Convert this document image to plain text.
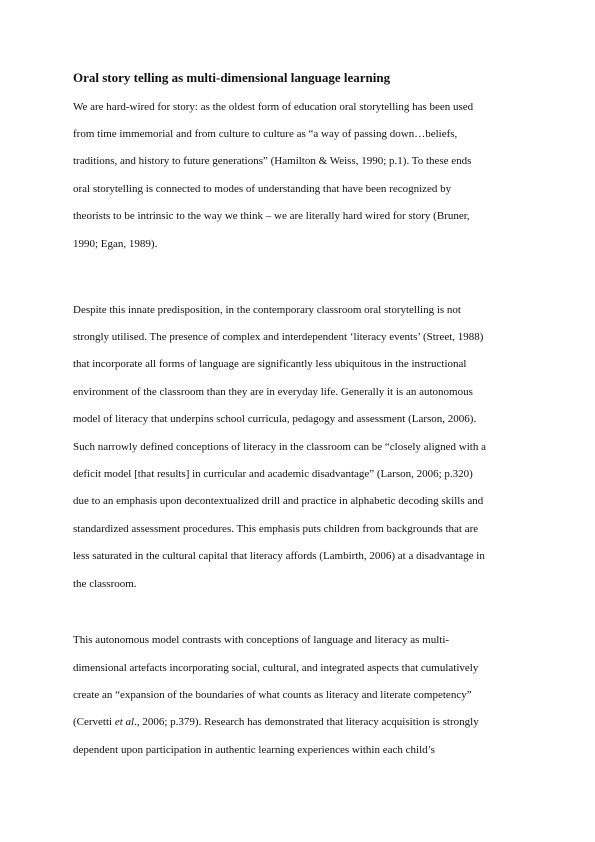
Oral story telling as multi-dimensional language learning
We are hard-wired for story: as the oldest form of education oral storytelling has been used
from time immemorial and from culture to culture as “a way of passing down…beliefs,
traditions, and history to future generations” (Hamilton & Weiss, 1990; p.1). To these ends
oral storytelling is connected to modes of understanding that have been recognized by
theorists to be intrinsic to the way we think – we are literally hard wired for story (Bruner,
1990; Egan, 1989).
Despite this innate predisposition, in the contemporary classroom oral storytelling is not
strongly utilised. The presence of complex and interdependent ‘literacy events’ (Street, 1988)
that incorporate all forms of language are significantly less ubiquitous in the instructional
environment of the classroom than they are in everyday life. Generally it is an autonomous
model of literacy that underpins school curricula, pedagogy and assessment (Larson, 2006).
Such narrowly defined conceptions of literacy in the classroom can be “closely aligned with a
deficit model [that results] in curricular and academic disadvantage” (Larson, 2006; p.320)
due to an emphasis upon decontextualized drill and practice in alphabetic decoding skills and
standardized assessment procedures. This emphasis puts children from backgrounds that are
less saturated in the cultural capital that literacy affords (Lambirth, 2006) at a disadvantage in
the classroom.
This autonomous model contrasts with conceptions of language and literacy as multi-
dimensional artefacts incorporating social, cultural, and integrated aspects that cumulatively
create an “expansion of the boundaries of what counts as literacy and literate competency”
(Cervetti et al., 2006; p.379). Research has demonstrated that literacy acquisition is strongly
dependent upon participation in authentic learning experiences within each child’s
